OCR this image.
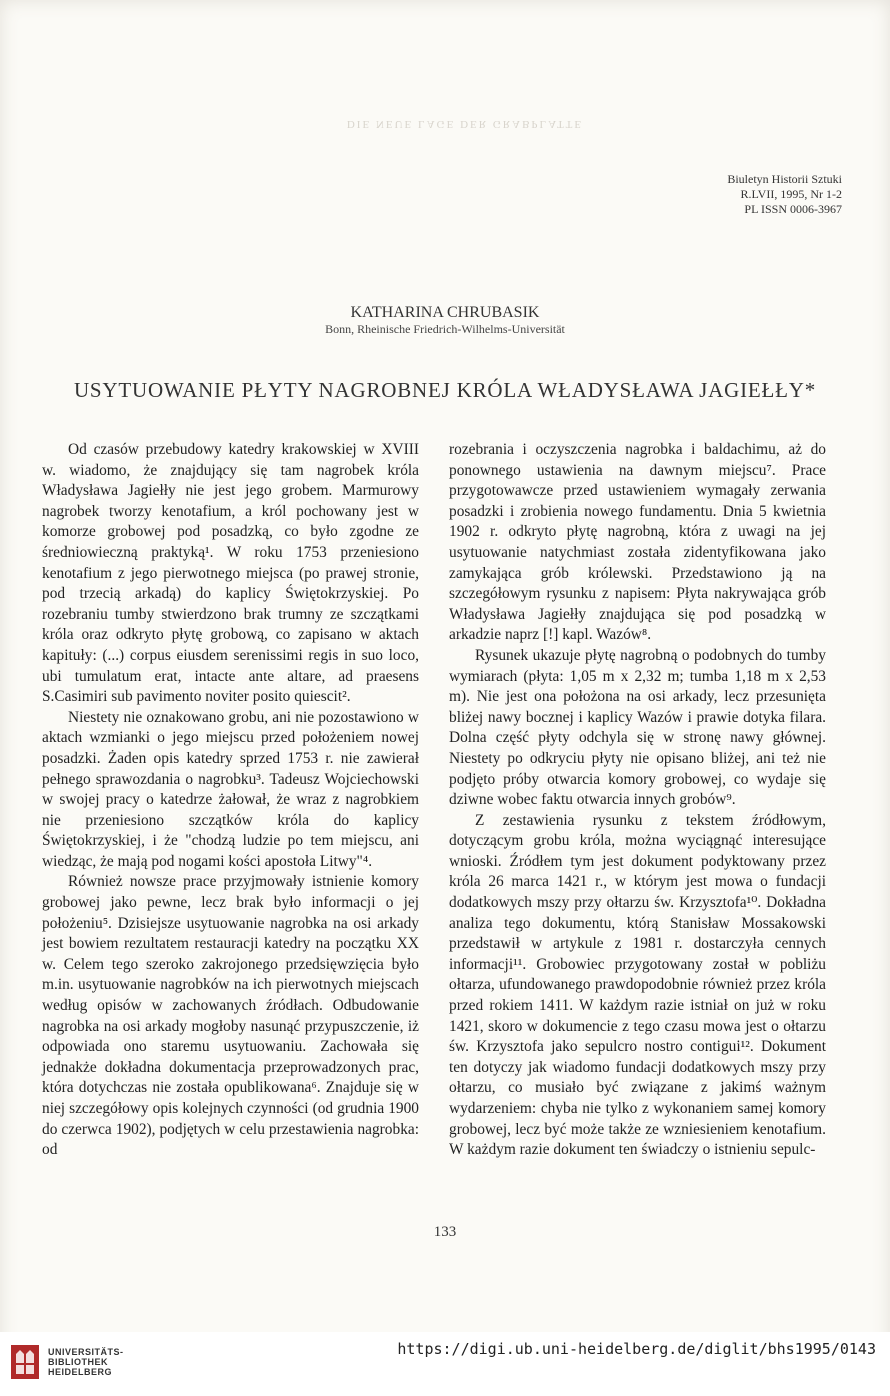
DIE NEUE LAGE DER GRABPLATTE
Biuletyn Historii Sztuki
R.LVII, 1995, Nr 1-2
PL ISSN 0006-3967
KATHARINA CHRUBASIK
Bonn, Rheinische Friedrich-Wilhelms-Universität
USYTUOWANIE PŁYTY NAGROBNEJ KRÓLA WŁADYSŁAWA JAGIEŁŁY*

Od czasów przebudowy katedry krakowskiej w XVIII w. wiadomo, że znajdujący się tam nagrobek króla Władysława Jagiełły nie jest jego grobem. Marmurowy nagrobek tworzy kenotafium, a król pochowany jest w komorze grobowej pod posadzką, co było zgodne ze średniowieczną praktyką¹. W roku 1753 przeniesiono kenotafium z jego pierwotnego miejsca (po prawej stronie, pod trzecią arkadą) do kaplicy Świętokrzyskiej. Po rozebraniu tumby stwierdzono brak trumny ze szczątkami króla oraz odkryto płytę grobową, co zapisano w aktach kapituły: (...) corpus eiusdem serenissimi regis in suo loco, ubi tumulatum erat, intacte ante altare, ad praesens S.Casimiri sub pavimento noviter posito quiescit².

Niestety nie oznakowano grobu, ani nie pozostawiono w aktach wzmianki o jego miejscu przed położeniem nowej posadzki. Żaden opis katedry sprzed 1753 r. nie zawierał pełnego sprawozdania o nagrobku³. Tadeusz Wojciechowski w swojej pracy o katedrze żałował, że wraz z nagrobkiem nie przeniesiono szczątków króla do kaplicy Świętokrzyskiej, i że "chodzą ludzie po tem miejscu, ani wiedząc, że mają pod nogami kości apostoła Litwy"⁴.

Również nowsze prace przyjmowały istnienie komory grobowej jako pewne, lecz brak było informacji o jej położeniu⁵. Dzisiejsze usytuowanie nagrobka na osi arkady jest bowiem rezultatem restauracji katedry na początku XX w. Celem tego szeroko zakrojonego przedsięwzięcia było m.in. usytuowanie nagrobków na ich pierwotnych miejscach według opisów w zachowanych źródłach. Odbudowanie nagrobka na osi arkady mogłoby nasunąć przypuszczenie, iż odpowiada ono staremu usytuowaniu. Zachowała się jednakże dokładna dokumentacja przeprowadzonych prac, która dotychczas nie została opublikowana⁶. Znajduje się w niej szczegółowy opis kolejnych czynności (od grudnia 1900 do czerwca 1902), podjętych w celu przestawienia nagrobka: od

rozebrania i oczyszczenia nagrobka i baldachimu, aż do ponownego ustawienia na dawnym miejscu⁷. Prace przygotowawcze przed ustawieniem wymagały zerwania posadzki i zrobienia nowego fundamentu. Dnia 5 kwietnia 1902 r. odkryto płytę nagrobną, która z uwagi na jej usytuowanie natychmiast została zidentyfikowana jako zamykająca grób królewski. Przedstawiono ją na szczegółowym rysunku z napisem: Płyta nakrywająca grób Władysława Jagiełły znajdująca się pod posadzką w arkadzie naprz [!] kapl. Wazów⁸.

Rysunek ukazuje płytę nagrobną o podobnych do tumby wymiarach (płyta: 1,05 m x 2,32 m; tumba 1,18 m x 2,53 m). Nie jest ona położona na osi arkady, lecz przesunięta bliżej nawy bocznej i kaplicy Wazów i prawie dotyka filara. Dolna część płyty odchyla się w stronę nawy głównej. Niestety po odkryciu płyty nie opisano bliżej, ani też nie podjęto próby otwarcia komory grobowej, co wydaje się dziwne wobec faktu otwarcia innych grobów⁹.

Z zestawienia rysunku z tekstem źródłowym, dotyczącym grobu króla, można wyciągnąć interesujące wnioski. Źródłem tym jest dokument podyktowany przez króla 26 marca 1421 r., w którym jest mowa o fundacji dodatkowych mszy przy ołtarzu św. Krzysztofa¹⁰. Dokładna analiza tego dokumentu, którą Stanisław Mossakowski przedstawił w artykule z 1981 r. dostarczyła cennych informacji¹¹. Grobowiec przygotowany został w pobliżu ołtarza, ufundowanego prawdopodobnie również przez króla przed rokiem 1411. W każdym razie istniał on już w roku 1421, skoro w dokumencie z tego czasu mowa jest o ołtarzu św. Krzysztofa jako sepulcro nostro contigui¹². Dokument ten dotyczy jak wiadomo fundacji dodatkowych mszy przy ołtarzu, co musiało być związane z jakimś ważnym wydarzeniem: chyba nie tylko z wykonaniem samej komory grobowej, lecz być może także ze wzniesieniem kenotafium. W każdym razie dokument ten świadczy o istnieniu sepulc-

133
UNIVERSITÄTS-
BIBLIOTHEK
HEIDELBERG
https://digi.ub.uni-heidelberg.de/diglit/bhs1995/0143
